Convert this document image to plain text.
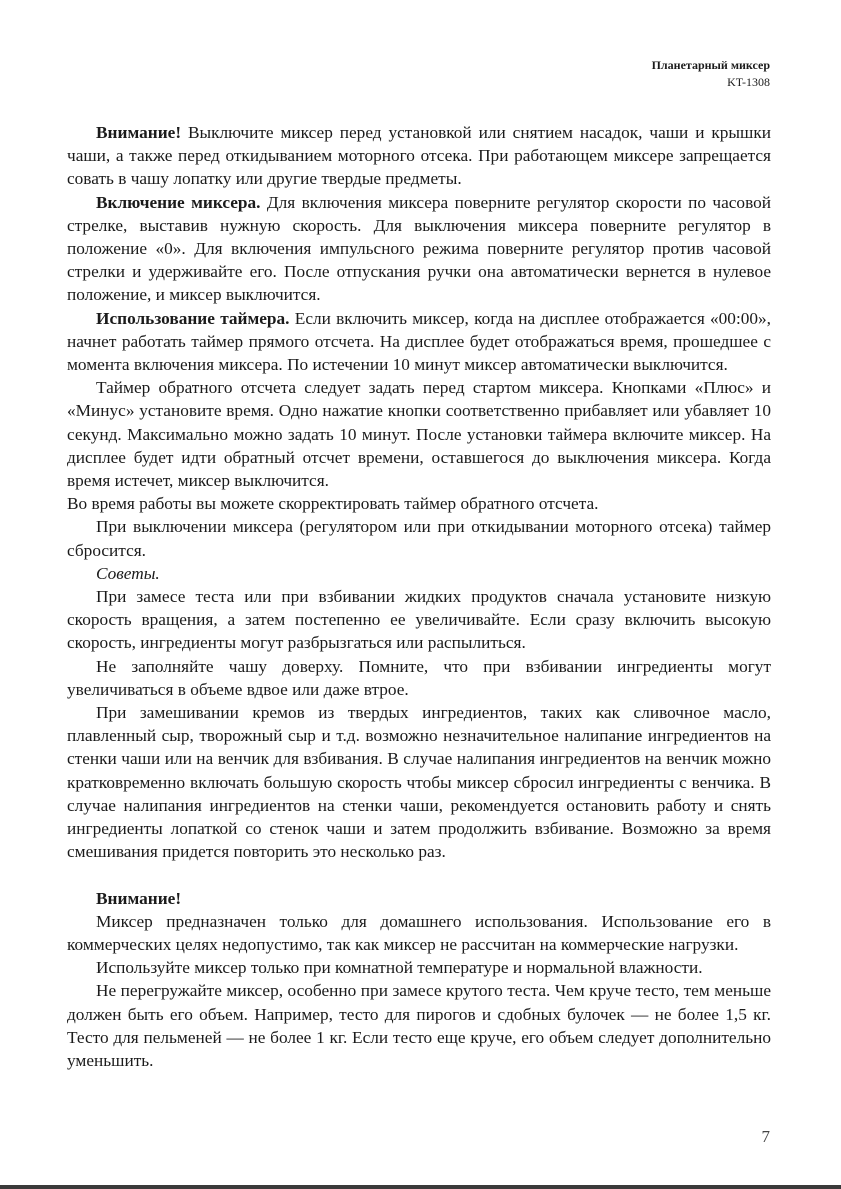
Планетарный миксер
KT-1308

Внимание! Выключите миксер перед установкой или снятием насадок, чаши и крышки чаши, а также перед откидыванием моторного отсека. При работающем миксере запрещается совать в чашу лопатку или другие твердые предметы.

Включение миксера. Для включения миксера поверните регулятор скорости по часовой стрелке, выставив нужную скорость. Для выключения миксера поверните регулятор в положение «0». Для включения импульсного режима поверните регулятор против часовой стрелки и удерживайте его. После отпускания ручки она автоматически вернется в нулевое положение, и миксер выключится.

Использование таймера. Если включить миксер, когда на дисплее отображается «00:00», начнет работать таймер прямого отсчета. На дисплее будет отображаться время, прошедшее с момента включения миксера. По истечении 10 минут миксер автоматически выключится.

Таймер обратного отсчета следует задать перед стартом миксера. Кнопками «Плюс» и «Минус» установите время. Одно нажатие кнопки соответственно прибавляет или убавляет 10 секунд. Максимально можно задать 10 минут. После установки таймера включите миксер. На дисплее будет идти обратный отсчет времени, оставшегося до выключения миксера. Когда время истечет, миксер выключится.

Во время работы вы можете скорректировать таймер обратного отсчета.

При выключении миксера (регулятором или при откидывании моторного отсека) таймер сбросится.

Советы.

При замесе теста или при взбивании жидких продуктов сначала установите низкую скорость вращения, а затем постепенно ее увеличивайте. Если сразу включить высокую скорость, ингредиенты могут разбрызгаться или распылиться.

Не заполняйте чашу доверху. Помните, что при взбивании ингредиенты могут увеличиваться в объеме вдвое или даже втрое.

При замешивании кремов из твердых ингредиентов, таких как сливочное масло, плавленный сыр, творожный сыр и т.д. возможно незначительное налипание ингредиентов на стенки чаши или на венчик для взбивания. В случае налипания ингредиентов на венчик можно кратковременно включать большую скорость чтобы миксер сбросил ингредиенты с венчика. В случае налипания ингредиентов на стенки чаши, рекомендуется остановить работу и снять ингредиенты лопаткой со стенок чаши и затем продолжить взбивание. Возможно за время смешивания придется повторить это несколько раз.

Внимание!

Миксер предназначен только для домашнего использования. Использование его в коммерческих целях недопустимо, так как миксер не рассчитан на коммерческие нагрузки.

Используйте миксер только при комнатной температуре и нормальной влажности.

Не перегружайте миксер, особенно при замесе крутого теста. Чем круче тесто, тем меньше должен быть его объем. Например, тесто для пирогов и сдобных булочек — не более 1,5 кг. Тесто для пельменей — не более 1 кг. Если тесто еще круче, его объем следует дополнительно уменьшить.

7
